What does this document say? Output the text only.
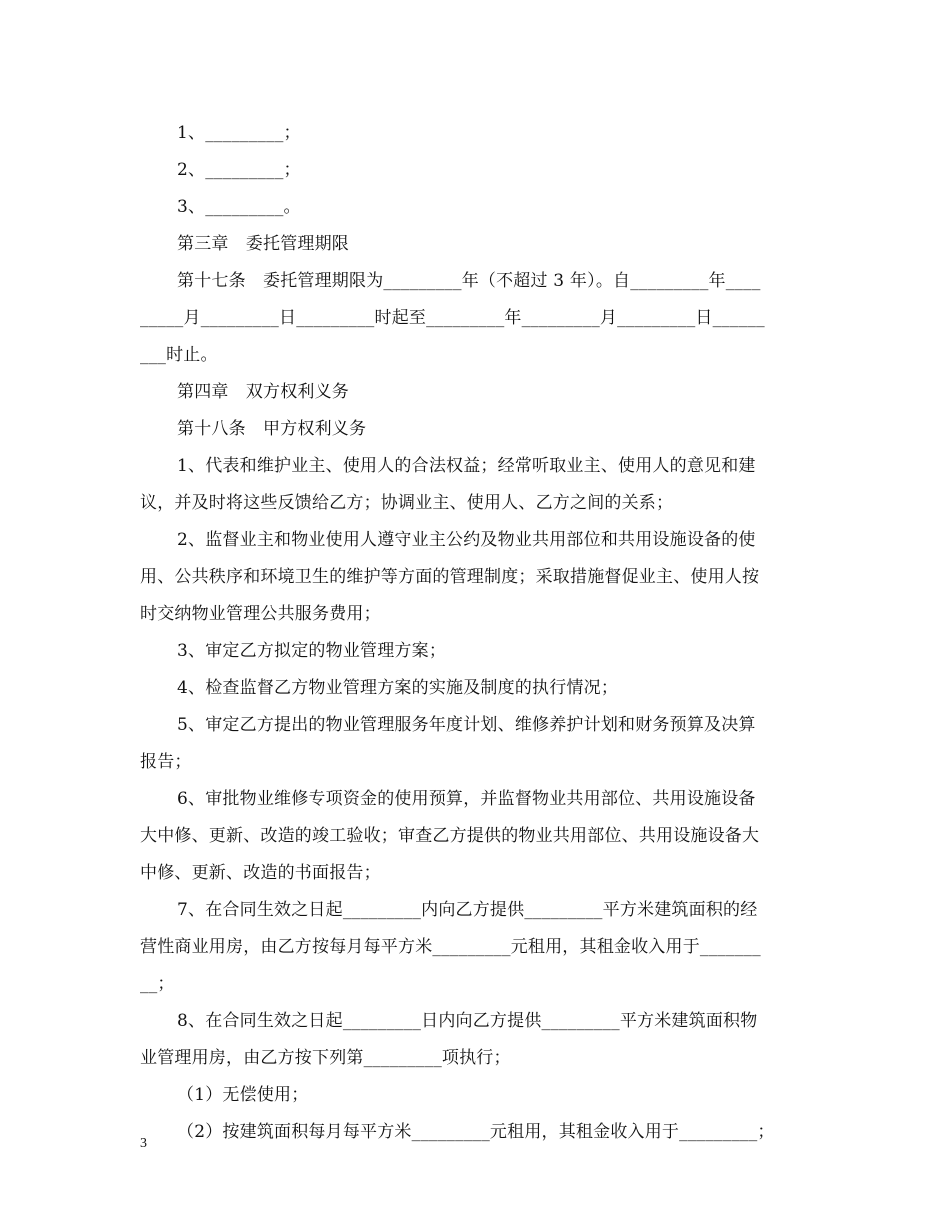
1、_________；
2、_________；
3、_________。
第三章　委托管理期限
第十七条　委托管理期限为_________年（不超过 3 年）。自_________年____
_____月_________日_________时起至_________年_________月_________日______
___时止。
第四章　双方权利义务
第十八条　甲方权利义务
1、代表和维护业主、使用人的合法权益；经常听取业主、使用人的意见和建
议，并及时将这些反馈给乙方；协调业主、使用人、乙方之间的关系；
2、监督业主和物业使用人遵守业主公约及物业共用部位和共用设施设备的使
用、公共秩序和环境卫生的维护等方面的管理制度；采取措施督促业主、使用人按
时交纳物业管理公共服务费用；
3、审定乙方拟定的物业管理方案；
4、检查监督乙方物业管理方案的实施及制度的执行情况；
5、审定乙方提出的物业管理服务年度计划、维修养护计划和财务预算及决算
报告；
6、审批物业维修专项资金的使用预算，并监督物业共用部位、共用设施设备
大中修、更新、改造的竣工验收；审查乙方提供的物业共用部位、共用设施设备大
中修、更新、改造的书面报告；
7、在合同生效之日起_________内向乙方提供_________平方米建筑面积的经
营性商业用房，由乙方按每月每平方米_________元租用，其租金收入用于_______
__；
8、在合同生效之日起_________日内向乙方提供_________平方米建筑面积物
业管理用房，由乙方按下列第_________项执行；
（1）无偿使用；
（2）按建筑面积每月每平方米_________元租用，其租金收入用于_________；
3
